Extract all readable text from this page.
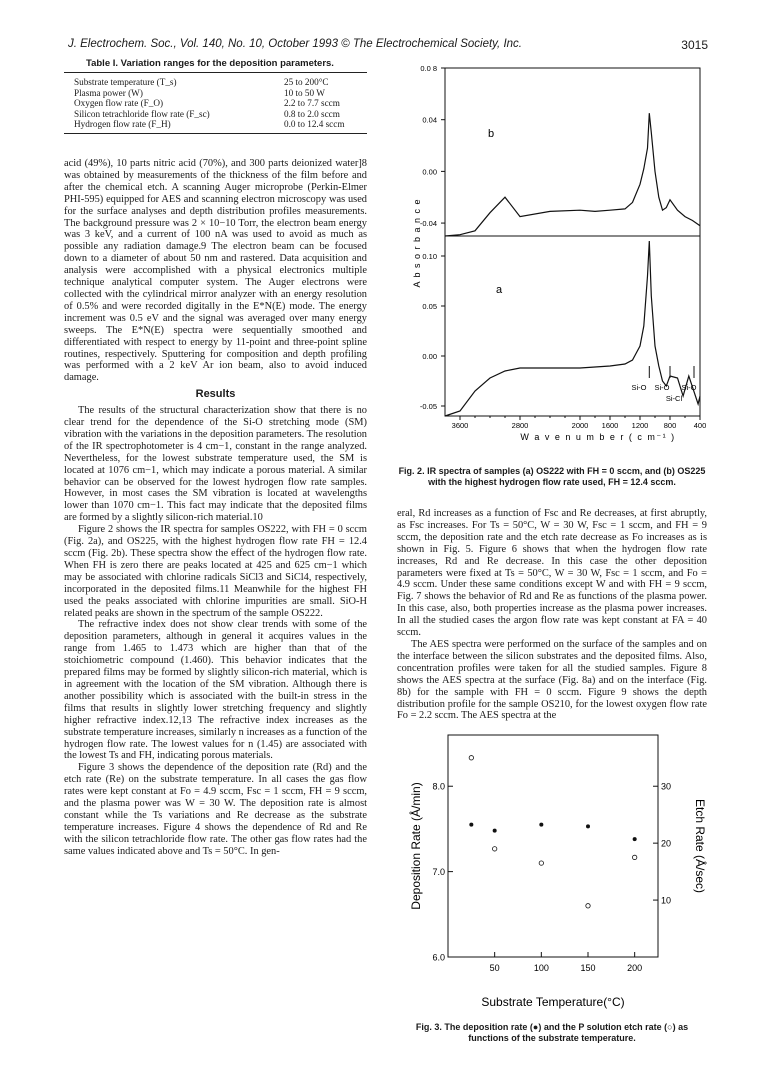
J. Electrochem. Soc., Vol. 140, No. 10, October 1993 © The Electrochemical Society, Inc.	3015
Table I. Variation ranges for the deposition parameters.
Substrate temperature (T_s)	25 to 200°C
Plasma power (W)	10 to 50 W
Oxygen flow rate (F_O)	2.2 to 7.7 sccm
Silicon tetrachloride flow rate (F_sc)	0.8 to 2.0 sccm
Hydrogen flow rate (F_H)	0.0 to 12.4 sccm

acid (49%), 10 parts nitric acid (70%), and 300 parts deionized water]8 was obtained by measurements of the thickness of the film before and after the chemical etch. A scanning Auger microprobe (Perkin-Elmer PHI-595) equipped for AES and scanning electron microscopy was used for the surface analyses and depth distribution profiles measurements. The background pressure was 2 × 10−10 Torr, the electron beam energy was 3 keV, and a current of 100 nA was used to avoid as much as possible any radiation damage.9 The electron beam can be focused down to a diameter of about 50 nm and rastered. Data acquisition and analysis were accomplished with a physical electronics multiple technique analytical computer system. The Auger electrons were collected with the cylindrical mirror analyzer with an energy resolution of 0.5% and were recorded digitally in the E*N(E) mode. The energy increment was 0.5 eV and the signal was averaged over many energy sweeps. The E*N(E) spectra were sequentially smoothed and differentiated with respect to energy by 11-point and three-point spline routines, respectively. Sputtering for composition and depth profiling was performed with a 2 keV Ar ion beam, also to avoid induced damage.

Results

The results of the structural characterization show that there is no clear trend for the dependence of the Si-O stretching mode (SM) vibration with the variations in the deposition parameters. The resolution of the IR spectrophotometer is 4 cm−1, constant in the range analyzed. Nevertheless, for the lowest substrate temperature used, the SM is located at 1076 cm−1, which may indicate a porous material. A similar behavior can be observed for the lowest hydrogen flow rate samples. However, in most cases the SM vibration is located at wavelengths lower than 1070 cm−1. This fact may indicate that the deposited films are formed by a slightly silicon-rich material.10

Figure 2 shows the IR spectra for samples OS222, with FH = 0 sccm (Fig. 2a), and OS225, with the highest hydrogen flow rate FH = 12.4 sccm (Fig. 2b). These spectra show the effect of the hydrogen flow rate. When FH is zero there are peaks located at 425 and 625 cm−1 which may be associated with chlorine radicals SiCl3 and SiCl4, respectively, incorporated in the deposited films.11 Meanwhile for the highest FH used the peaks associated with chlorine impurities are small. SiO-H related peaks are shown in the spectrum of the sample OS222.

The refractive index does not show clear trends with some of the deposition parameters, although in general it acquires values in the range from 1.465 to 1.473 which are higher than that of the stoichiometric compound (1.460). This behavior indicates that the prepared films may be formed by slightly silicon-rich material, which is in agreement with the location of the SM vibration. Although there is another possibility which is associated with the built-in stress in the films that results in slightly lower stretching frequency and slightly higher refractive index.12,13 The refractive index increases as the substrate temperature increases, similarly n increases as a function of the hydrogen flow rate. The lowest values for n (1.45) are associated with the lowest Ts and FH, indicating porous materials.

Figure 3 shows the dependence of the deposition rate (Rd) and the etch rate (Re) on the substrate temperature. In all cases the gas flow rates were kept constant at Fo = 4.9 sccm, Fsc = 1 sccm, FH = 9 sccm, and the plasma power was W = 30 W. The deposition rate is almost constant while the Ts variations and Re decrease as the substrate temperature increases. Figure 4 shows the dependence of Rd and Re with the silicon tetrachloride flow rate. The other gas flow rates had the same values indicated above and Ts = 50°C. In gen-

A b s o r b a n c e
b
a
0.0 8
0.04
0.00
-0.04
0.10
0.05
0.00
-0.05
3600	2800	2000 1600 1200 800 400
Si-O Si-O Si-O
Si-Cl
W a v e n u m b e r ( c m⁻¹ )
Fig. 2. IR spectra of samples (a) OS222 with FH = 0 sccm, and (b) OS225 with the highest hydrogen flow rate used, FH = 12.4 sccm.

eral, Rd increases as a function of Fsc and Re decreases, at first abruptly, as Fsc increases. For Ts = 50°C, W = 30 W, Fsc = 1 sccm, and FH = 9 sccm, the deposition rate and the etch rate decrease as Fo increases as is shown in Fig. 5. Figure 6 shows that when the hydrogen flow rate increases, Rd and Re decrease. In this case the other deposition parameters were fixed at Ts = 50°C, W = 30 W, Fsc = 1 sccm, and Fo = 4.9 sccm. Under these same conditions except W and with FH = 9 sccm, Fig. 7 shows the behavior of Rd and Re as functions of the plasma power. In this case, also, both properties increase as the plasma power increases. In all the studied cases the argon flow rate was kept constant at FA = 40 sccm.

The AES spectra were performed on the surface of the samples and on the interface between the silicon substrates and the deposited films. Also, concentration profiles were taken for all the studied samples. Figure 8 shows the AES spectra at the surface (Fig. 8a) and on the interface (Fig. 8b) for the sample with FH = 0 sccm. Figure 9 shows the depth distribution profile for the sample OS210, for the lowest oxygen flow rate Fo = 2.2 sccm. The AES spectra at the

Deposition Rate (Å/min)	Etch Rate (Å/sec)
Substrate Temperature(°C)
50	100	150	200
6.0
7.0
8.0
10
20
30
Fig. 3. The deposition rate (●) and the P solution etch rate (○) as functions of the substrate temperature.
